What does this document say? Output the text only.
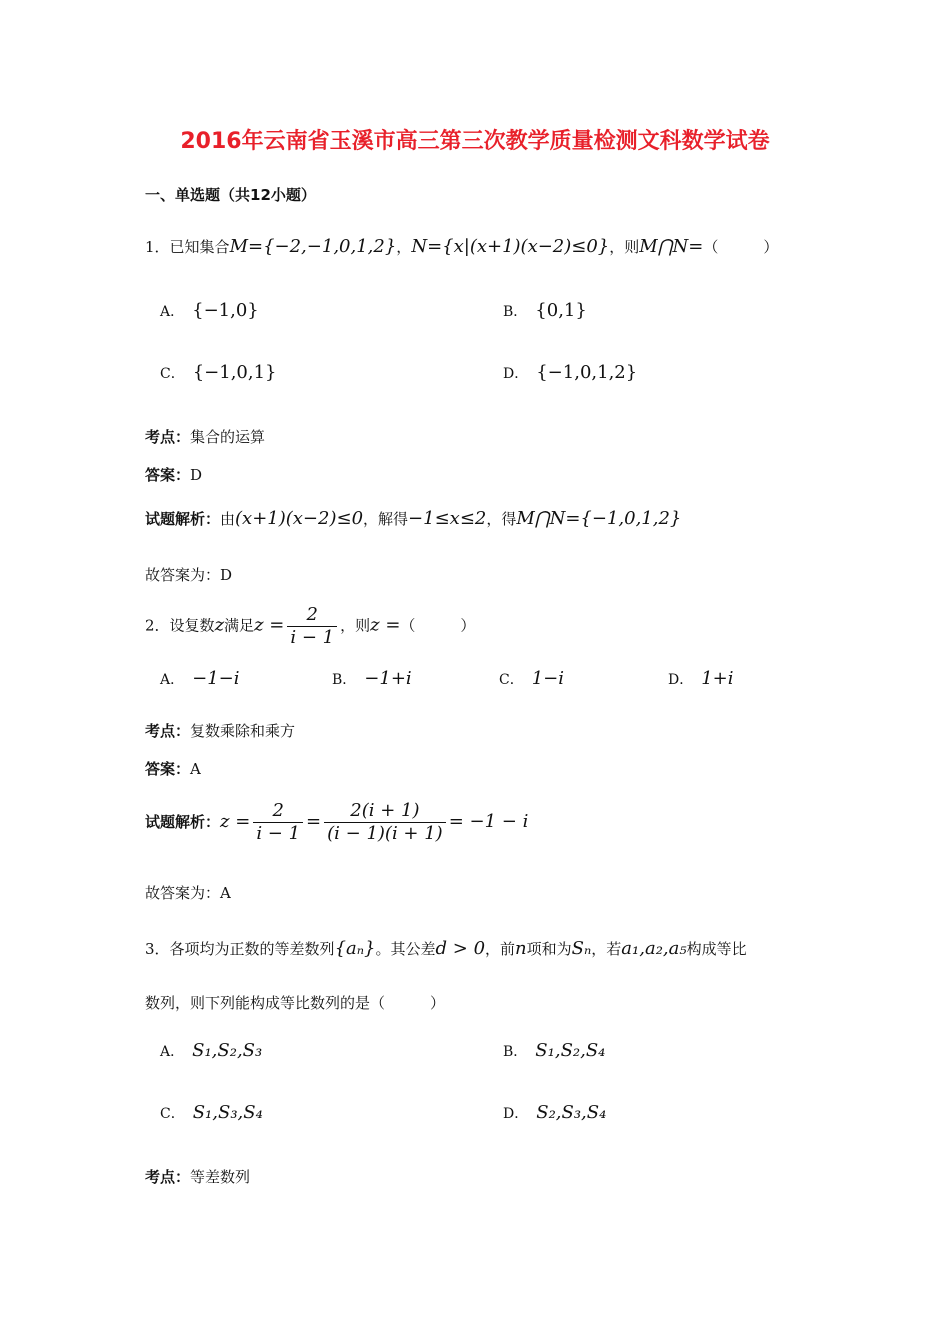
2016年云南省玉溪市高三第三次教学质量检测文科数学试卷
一、单选题（共12小题）
1．已知集合M={−2,−1,0,1,2}，N={x|(x+1)(x−2)≤0}，则M⋂N=（　　　）
A． {−1,0}	B． {0,1}
C． {−1,0,1}	D． {−1,0,1,2}
考点：集合的运算
答案：D
试题解析：由(x+1)(x−2)≤0，解得−1≤x≤2，得M⋂N={−1,0,1,2}
故答案为：D
2．设复数z满足$z = \frac{2}{i - 1}$ ，则z =（　　　）
A． −1−i	B． −1+i	C． 1−i	D． 1+i
考点：复数乘除和乘方
答案：A
试题解析：$z = \frac{2}{i - 1} = \frac{2(i + 1)}{(i - 1)(i + 1)} = -1 - i$
故答案为：A
3．各项均为正数的等差数列{aₙ}。其公差d > 0，前n项和为Sₙ，若a₁,a₂,a₅构成等比
数列，则下列能构成等比数列的是（　　　）
A． S₁,S₂,S₃	B． S₁,S₂,S₄
C． S₁,S₃,S₄	D． S₂,S₃,S₄
考点：等差数列
